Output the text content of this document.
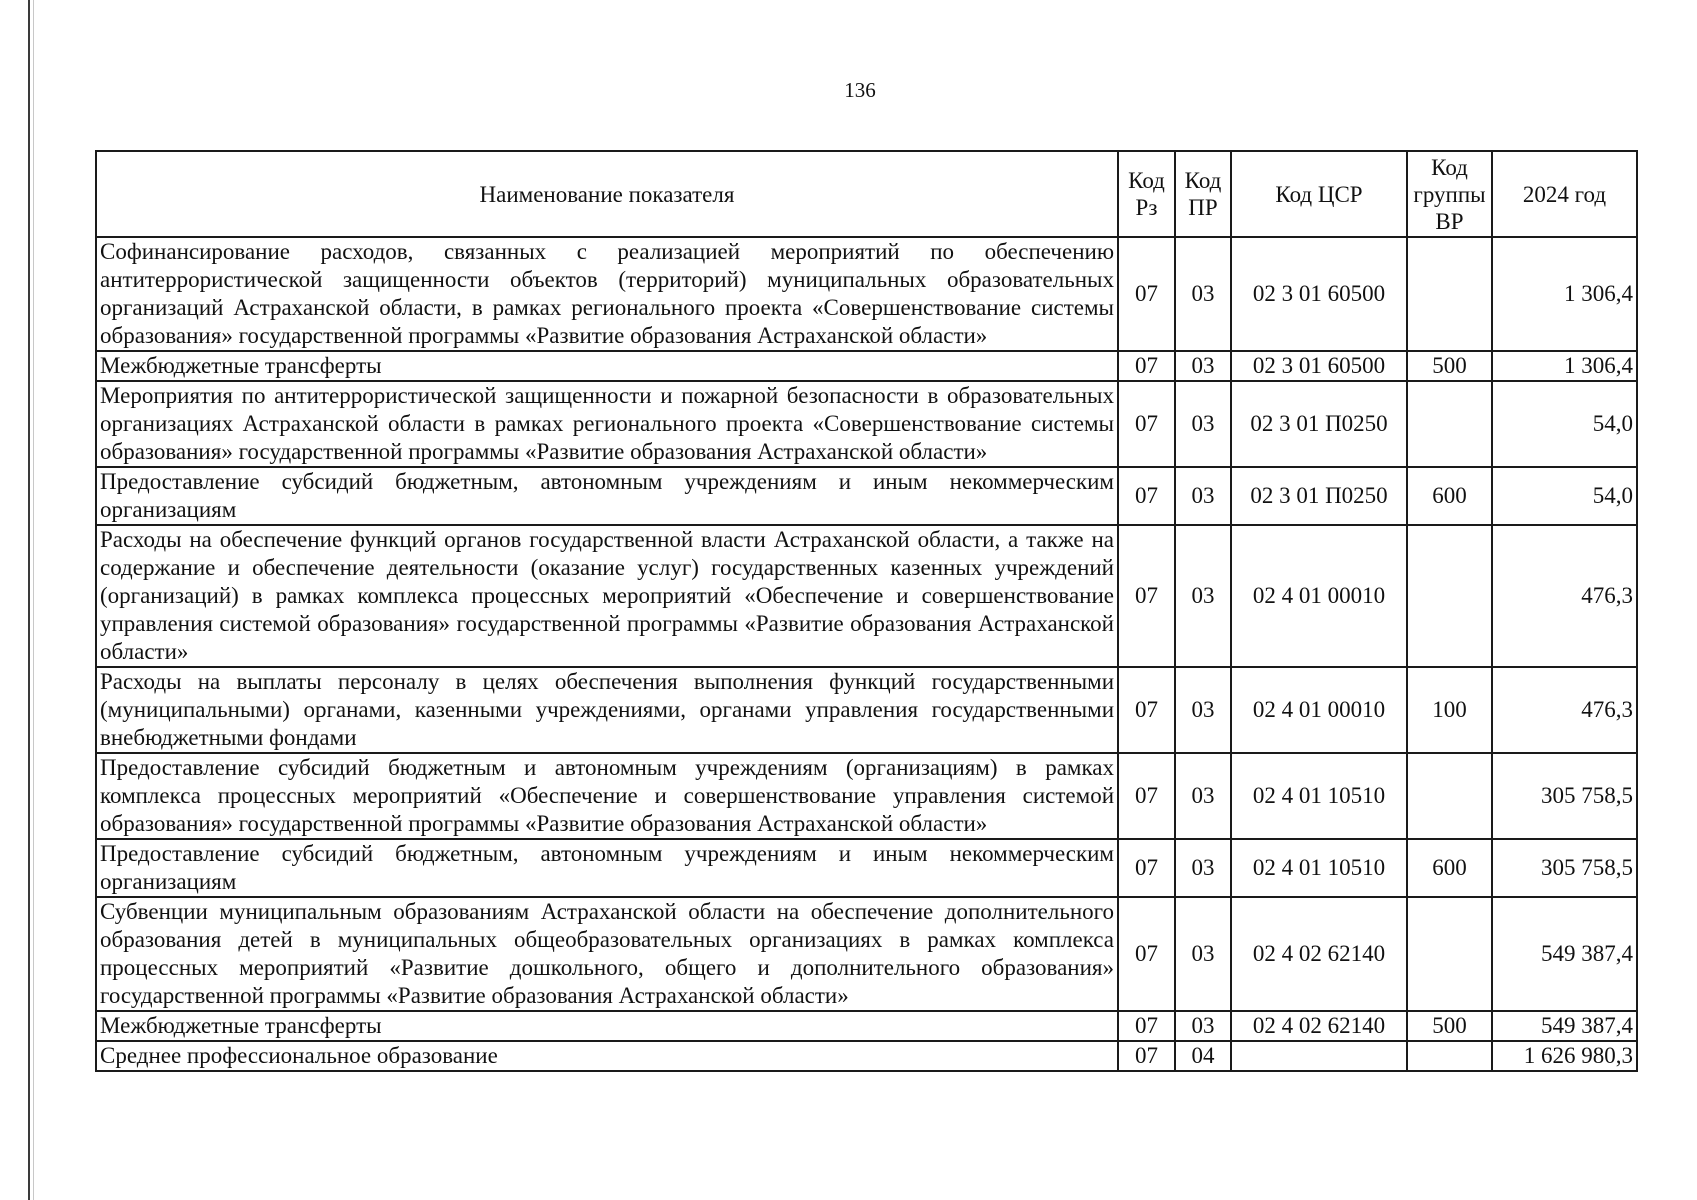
136
Наименование показателя	Код Рз	Код ПР	Код ЦСР	Код группы ВР	2024 год
Софинансирование расходов, связанных с реализацией мероприятий по обеспечению антитеррористической защищенности объектов (территорий) муниципальных образовательных организаций Астраханской области, в рамках регионального проекта «Совершенствование системы образования» государственной программы «Развитие образования Астраханской области»	07	03	02 3 01 60500		1 306,4
Межбюджетные трансферты	07	03	02 3 01 60500	500	1 306,4
Мероприятия по антитеррористической защищенности и пожарной безопасности в образовательных организациях Астраханской области в рамках регионального проекта «Совершенствование системы образования» государственной программы «Развитие образования Астраханской области»	07	03	02 3 01 П0250		54,0
Предоставление субсидий бюджетным, автономным учреждениям и иным некоммерческим организациям	07	03	02 3 01 П0250	600	54,0
Расходы на обеспечение функций органов государственной власти Астраханской области, а также на содержание и обеспечение деятельности (оказание услуг) государственных казенных учреждений (организаций) в рамках комплекса процессных мероприятий «Обеспечение и совершенствование управления системой образования» государственной программы «Развитие образования Астраханской области»	07	03	02 4 01 00010		476,3
Расходы на выплаты персоналу в целях обеспечения выполнения функций государственными (муниципальными) органами, казенными учреждениями, органами управления государственными внебюджетными фондами	07	03	02 4 01 00010	100	476,3
Предоставление субсидий бюджетным и автономным учреждениям (организациям) в рамках комплекса процессных мероприятий «Обеспечение и совершенствование управления системой образования» государственной программы «Развитие образования Астраханской области»	07	03	02 4 01 10510		305 758,5
Предоставление субсидий бюджетным, автономным учреждениям и иным некоммерческим организациям	07	03	02 4 01 10510	600	305 758,5
Субвенции муниципальным образованиям Астраханской области на обеспечение дополнительного образования детей в муниципальных общеобразовательных организациях в рамках комплекса процессных мероприятий «Развитие дошкольного, общего и дополнительного образования» государственной программы «Развитие образования Астраханской области»	07	03	02 4 02 62140		549 387,4
Межбюджетные трансферты	07	03	02 4 02 62140	500	549 387,4
Среднее профессиональное образование	07	04			1 626 980,3
